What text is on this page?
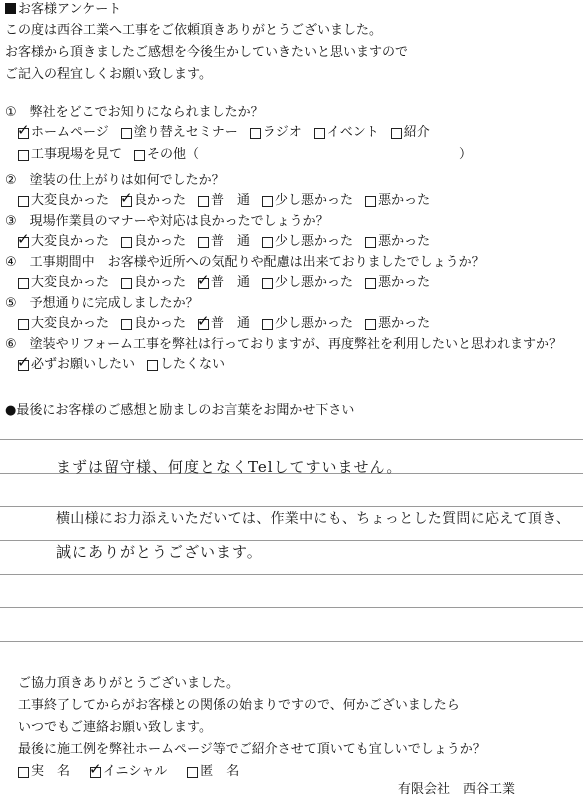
お客様アンケート
この度は西谷工業へ工事をご依頼頂きありがとうございました。
お客様から頂きましたご感想を今後生かしていきたいと思いますので
ご記入の程宜しくお願い致します。
①　弊社をどこでお知りになられましたか？
✓
ホームページ 塗り替えセミナー ラジオ イベント 紹介
工事現場を見て その他（　　　　　　　　　　　　　　　　　　　　）
②　塗装の仕上がりは如何でしたか？
大変良かった ✓ 良かった 普　通 少し悪かった 悪かった
③　現場作業員のマナーや対応は良かったでしょうか？
✓
大変良かった 良かった 普　通 少し悪かった 悪かった
④　工事期間中　お客様や近所への気配りや配慮は出来ておりましたでしょうか？
大変良かった 良かった ✓ 普　通 少し悪かった 悪かった
⑤　予想通りに完成しましたか？
大変良かった 良かった ✓ 普　通 少し悪かった 悪かった
⑥　塗装やリフォーム工事を弊社は行っておりますが、再度弊社を利用したいと思われますか？
✓
必ずお願いしたい したくない
●最後にお客様のご感想と励ましのお言葉をお聞かせ下さい
まずは留守様、何度となくTelしてすいません。
横山様にお力添えいただいては、作業中にも、ちょっとした質問に応えて頂き、
誠にありがとうございます。
ご協力頂きありがとうございました。
工事終了してからがお客様との関係の始まりですので、何かございましたら
いつでもご連絡お願い致します。
最後に施工例を弊社ホームページ等でご紹介させて頂いても宜しいでしょうか？
実　名 ✓	イニシャル	匿　名
有限会社　西谷工業
